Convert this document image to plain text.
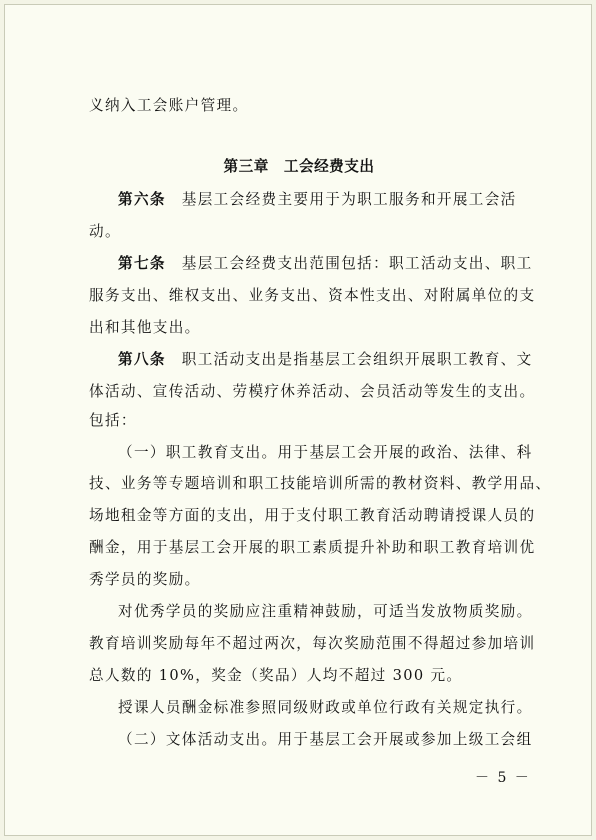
义纳入工会账户管理。
第三章　工会经费支出
第六条　基层工会经费主要用于为职工服务和开展工会活
动。
第七条　基层工会经费支出范围包括：职工活动支出、职工
服务支出、维权支出、业务支出、资本性支出、对附属单位的支
出和其他支出。
第八条　职工活动支出是指基层工会组织开展职工教育、文
体活动、宣传活动、劳模疗休养活动、会员活动等发生的支出。
包括：
（一）职工教育支出。用于基层工会开展的政治、法律、科
技、业务等专题培训和职工技能培训所需的教材资料、教学用品、
场地租金等方面的支出，用于支付职工教育活动聘请授课人员的
酬金，用于基层工会开展的职工素质提升补助和职工教育培训优
秀学员的奖励。
对优秀学员的奖励应注重精神鼓励，可适当发放物质奖励。
教育培训奖励每年不超过两次，每次奖励范围不得超过参加培训
总人数的 10%，奖金（奖品）人均不超过 300 元。
授课人员酬金标准参照同级财政或单位行政有关规定执行。
（二）文体活动支出。用于基层工会开展或参加上级工会组
－ 5 －
